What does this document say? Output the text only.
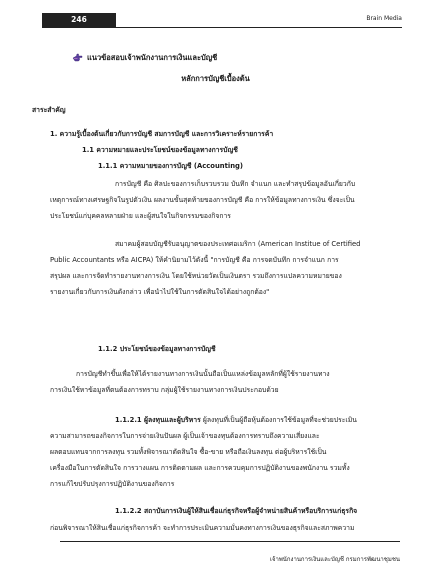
246	Brain Media
แนวข้อสอบเจ้าพนักงานการเงินและบัญชี
หลักการบัญชีเบื้องต้น
สาระสำคัญ
1. ความรู้เบื้องต้นเกี่ยวกับการบัญชี สมการบัญชี และการวิเคราะห์รายการค้า
1.1 ความหมายและประโยชน์ของข้อมูลทางการบัญชี
1.1.1 ความหมายของการบัญชี (Accounting)
การบัญชี คือ ศิลปะของการเก็บรวบรวม บันทึก จำแนก และทำสรุปข้อมูลอันเกี่ยวกับ
เหตุการณ์ทางเศรษฐกิจในรูปตัวเงิน ผลงานขั้นสุดท้ายของการบัญชี คือ การให้ข้อมูลทางการเงิน ซึ่งจะเป็น
ประโยชน์แก่บุคคลหลายฝ่าย และผู้สนใจในกิจกรรมของกิจการ
สมาคมผู้สอบบัญชีรับอนุญาตของประเทศอเมริกา (American Institue of Certified
Public Accountants หรือ AICPA) ให้คำนิยามไว้ดังนี้ "การบัญชี คือ การจดบันทึก การจำแนก การ
สรุปผล และการจัดทำรายงานทางการเงิน โดยใช้หน่วยวัดเป็นเงินตรา รวมถึงการแปลความหมายของ
รายงานเกี่ยวกับการเงินดังกล่าว เพื่อนำไปใช้ในการตัดสินใจได้อย่างถูกต้อง"
1.1.2 ประโยชน์ของข้อมูลทางการบัญชี
การบัญชีทำขึ้นเพื่อให้ได้รายงานทางการเงินนั้นถือเป็นแหล่งข้อมูลหลักที่ผู้ใช้รายงานทาง
การเงินใช้หาข้อมูลที่ตนต้องการทราบ กลุ่มผู้ใช้รายงานทางการเงินประกอบด้วย
1.1.2.1 ผู้ลงทุนและผู้บริหาร ผู้ลงทุนที่เป็นผู้ถือหุ้นต้องการใช้ข้อมูลที่จะช่วยประเมิน
ความสามารถของกิจการในการจ่ายเงินปันผล ผู้เป็นเจ้าของทุนต้องการทราบถึงความเสี่ยงและ
ผลตอบแทนจากการลงทุน รวมทั้งพิจารณาตัดสินใจ ซื้อ-ขาย หรือถือเงินลงทุน ต่อผู้บริหารใช้เป็น
เครื่องมือในการตัดสินใจ การวางแผน การติดตามผล และการควบคุมการปฏิบัติงานของพนักงาน รวมทั้ง
การแก้ไขปรับปรุงการปฏิบัติงานของกิจการ
1.1.2.2 สถาบันการเงินผู้ให้สินเชื่อแก่ธุรกิจหรือผู้จำหน่ายสินค้าหรือบริการแก่ธุรกิจ
ก่อนพิจารณาให้สินเชื่อแก่ธุรกิจการค้า จะทำการประเมินความมั่นคงทางการเงินของธุรกิจและสภาพความ
เจ้าพนักงานการเงินและบัญชี กรมการพัฒนาชุมชน
